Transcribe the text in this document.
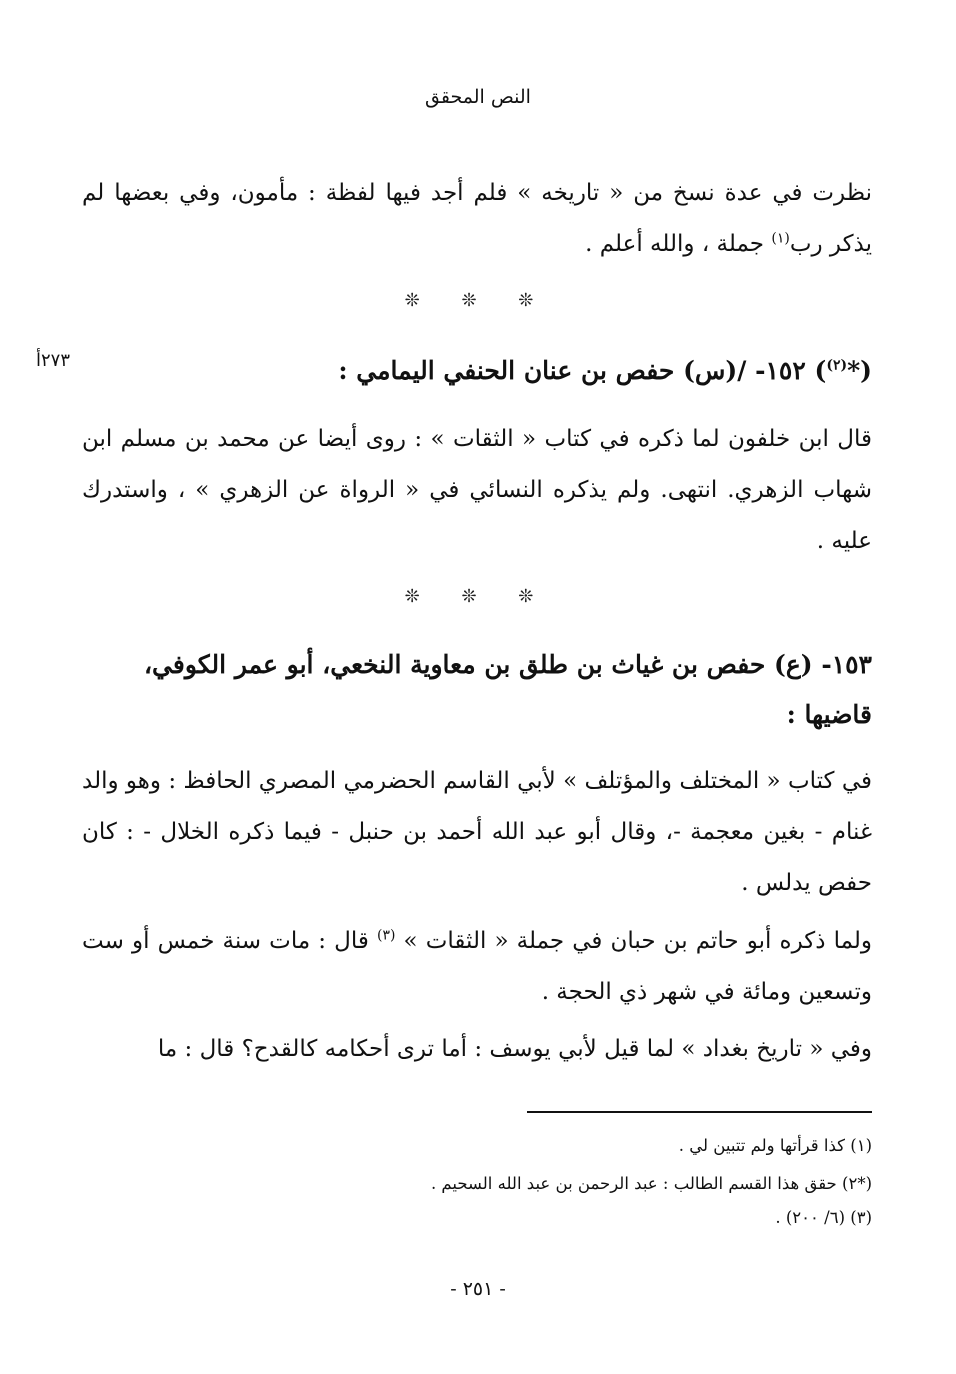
النص المحقق

نظرت في عدة نسخ من « تاريخه » فلم أجد فيها لفظة : مأمون، وفي بعضها لم يذكر رب$^{(١)}$ جملة ، والله أعلم .

❊ ❊ ❊

(*$^{(٢)}$) ١٥٢- /(س) حفص بن عنان الحنفي اليمامي :

٢٧٣أ

قال ابن خلفون لما ذكره في كتاب « الثقات » : روى أيضا عن محمد بن مسلم ابن شهاب الزهري. انتهى. ولم يذكره النسائي في « الرواة عن الزهري » ، واستدرك عليه .

❊ ❊ ❊

١٥٣- (ع) حفص بن غياث بن طلق بن معاوية النخعي، أبو عمر الكوفي، قاضيها :

في كتاب « المختلف والمؤتلف » لأبي القاسم الحضرمي المصري الحافظ : وهو والد غنام - بغين معجمة -، وقال أبو عبد الله أحمد بن حنبل - فيما ذكره الخلال - : كان حفص يدلس .

ولما ذكره أبو حاتم بن حبان في جملة « الثقات » $^{(٣)}$ قال : مات سنة خمس أو ست وتسعين ومائة في شهر ذي الحجة .

وفي « تاريخ بغداد » لما قيل لأبي يوسف : أما ترى أحكامه كالقدح؟ قال : ما

(١) كذا قرأتها ولم تتبين لي .

(*٢) حقق هذا القسم الطالب : عبد الرحمن بن عبد الله السحيم .

(٣) (٦/ ٢٠٠) .

- ٢٥١ -
